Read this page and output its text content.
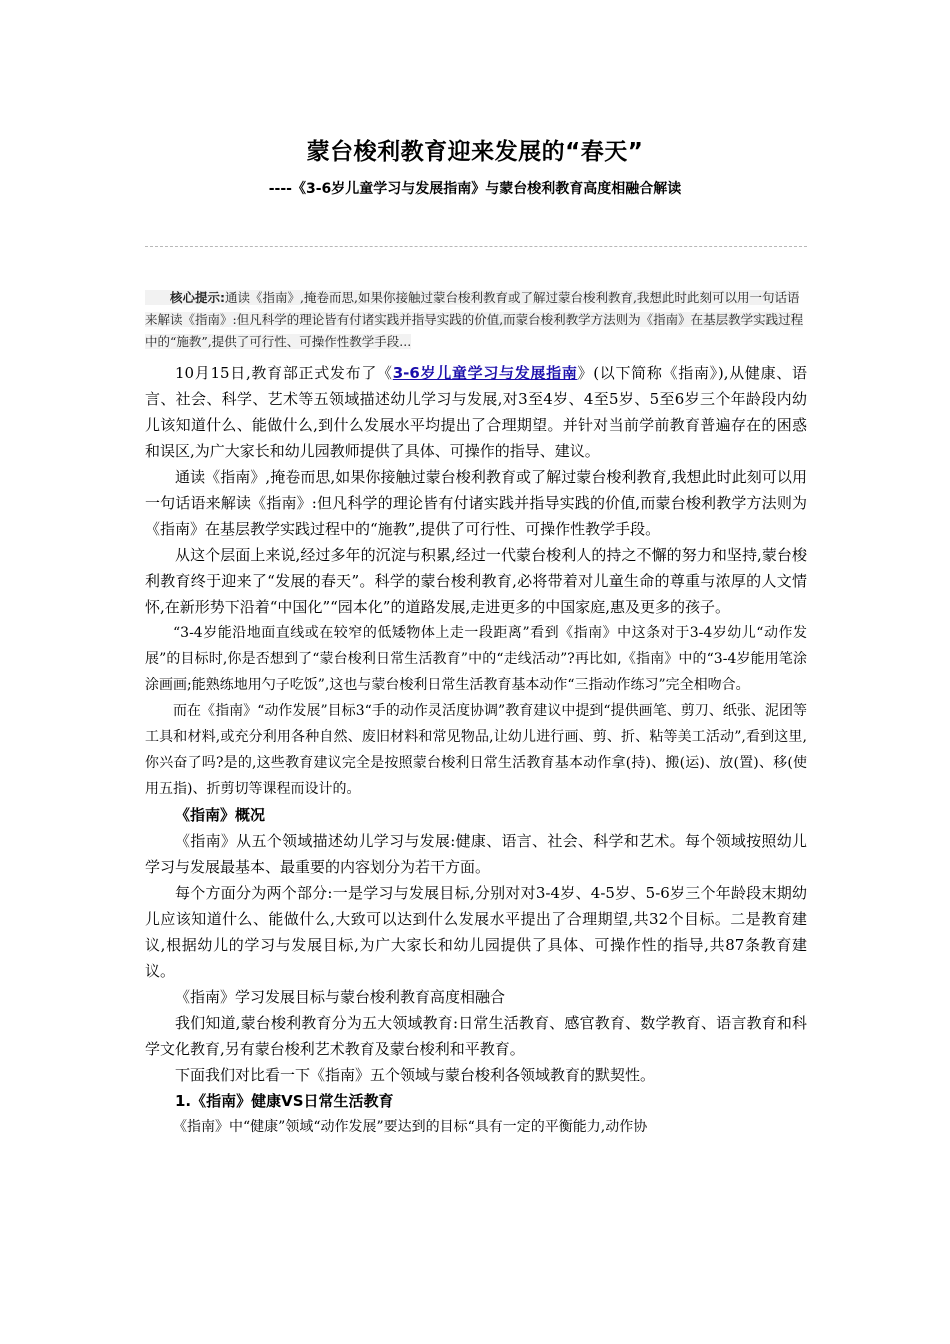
蒙台梭利教育迎来发展的“春天”
----《3-6岁儿童学习与发展指南》与蒙台梭利教育高度相融合解读
　　核心提示:通读《指南》,掩卷而思,如果你接触过蒙台梭利教育或了解过蒙台梭利教育,我想此时此刻可以用一句话语来解读《指南》:但凡科学的理论皆有付诸实践并指导实践的价值,而蒙台梭利教学方法则为《指南》在基层教学实践过程中的“施教”,提供了可行性、可操作性教学手段...

10月15日,教育部正式发布了《3-6岁儿童学习与发展指南》(以下简称《指南》),从健康、语言、社会、科学、艺术等五领域描述幼儿学习与发展,对3至4岁、4至5岁、5至6岁三个年龄段内幼儿该知道什么、能做什么,到什么发展水平均提出了合理期望。并针对当前学前教育普遍存在的困惑和误区,为广大家长和幼儿园教师提供了具体、可操作的指导、建议。

通读《指南》,掩卷而思,如果你接触过蒙台梭利教育或了解过蒙台梭利教育,我想此时此刻可以用一句话语来解读《指南》:但凡科学的理论皆有付诸实践并指导实践的价值,而蒙台梭利教学方法则为《指南》在基层教学实践过程中的“施教”,提供了可行性、可操作性教学手段。

从这个层面上来说,经过多年的沉淀与积累,经过一代蒙台梭利人的持之不懈的努力和坚持,蒙台梭利教育终于迎来了“发展的春天”。科学的蒙台梭利教育,必将带着对儿童生命的尊重与浓厚的人文情怀,在新形势下沿着“中国化”“园本化”的道路发展,走进更多的中国家庭,惠及更多的孩子。

“3-4岁能沿地面直线或在较窄的低矮物体上走一段距离”看到《指南》中这条对于3-4岁幼儿“动作发展”的目标时,你是否想到了“蒙台梭利日常生活教育”中的“走线活动”?再比如,《指南》中的“3-4岁能用笔涂涂画画;能熟练地用勺子吃饭”,这也与蒙台梭利日常生活教育基本动作“三指动作练习”完全相吻合。

而在《指南》“动作发展”目标3“手的动作灵活度协调”教育建议中提到“提供画笔、剪刀、纸张、泥团等工具和材料,或充分利用各种自然、废旧材料和常见物品,让幼儿进行画、剪、折、粘等美工活动”,看到这里,你兴奋了吗?是的,这些教育建议完全是按照蒙台梭利日常生活教育基本动作拿(持)、搬(运)、放(置)、移(使用五指)、折剪切等课程而设计的。

《指南》概况

《指南》从五个领域描述幼儿学习与发展:健康、语言、社会、科学和艺术。每个领域按照幼儿学习与发展最基本、最重要的内容划分为若干方面。

每个方面分为两个部分:一是学习与发展目标,分别对对3-4岁、4-5岁、5-6岁三个年龄段末期幼儿应该知道什么、能做什么,大致可以达到什么发展水平提出了合理期望,共32个目标。二是教育建议,根据幼儿的学习与发展目标,为广大家长和幼儿园提供了具体、可操作性的指导,共87条教育建议。

《指南》学习发展目标与蒙台梭利教育高度相融合

我们知道,蒙台梭利教育分为五大领域教育:日常生活教育、感官教育、数学教育、语言教育和科学文化教育,另有蒙台梭利艺术教育及蒙台梭利和平教育。

下面我们对比看一下《指南》五个领域与蒙台梭利各领域教育的默契性。

1.《指南》健康VS日常生活教育

《指南》中“健康”领域“动作发展”要达到的目标“具有一定的平衡能力,动作协
